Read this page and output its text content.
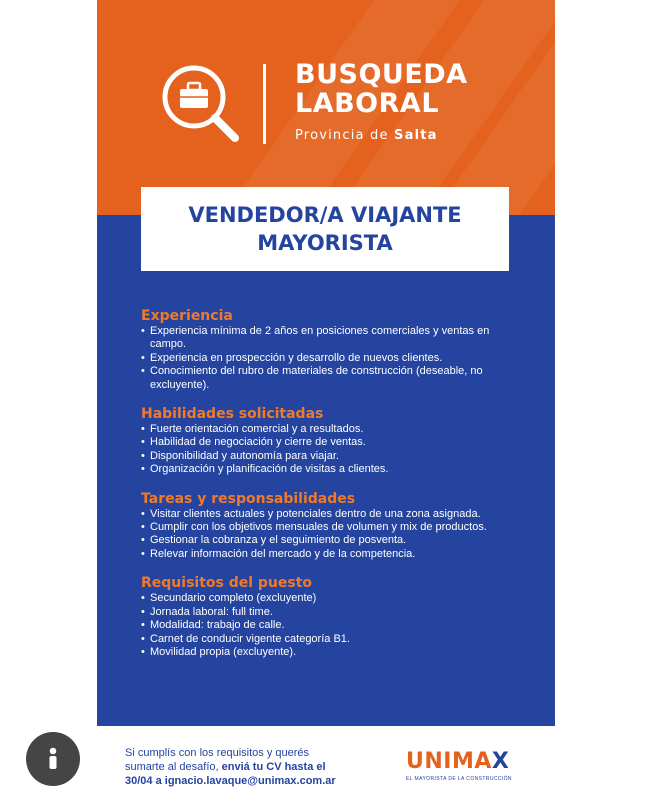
BUSQUEDA
LABORAL
Provincia de Salta
VENDEDOR/A VIAJANTE
MAYORISTA
Experiencia
• Experiencia mínima de 2 años en posiciones comerciales y ventas en campo.
• Experiencia en prospección y desarrollo de nuevos clientes.
• Conocimiento del rubro de materiales de construcción (deseable, no excluyente).
Habilidades solicitadas
• Fuerte orientación comercial y a resultados.
• Habilidad de negociación y cierre de ventas.
• Disponibilidad y autonomía para viajar.
• Organización y planificación de visitas a clientes.
Tareas y responsabilidades
• Visitar clientes actuales y potenciales dentro de una zona asignada.
• Cumplir con los objetivos mensuales de volumen y mix de productos.
• Gestionar la cobranza y el seguimiento de posventa.
• Relevar información del mercado y de la competencia.
Requisitos del puesto
• Secundario completo (excluyente)
• Jornada laboral: full time.
• Modalidad: trabajo de calle.
• Carnet de conducir vigente categoría B1.
• Movilidad propia (excluyente).
Si cumplís con los requisitos y querés
sumarte al desafío, enviá tu CV hasta el
30/04 a ignacio.lavaque@unimax.com.ar
UNIMAX
EL MAYORISTA DE LA CONSTRUCCIÓN
